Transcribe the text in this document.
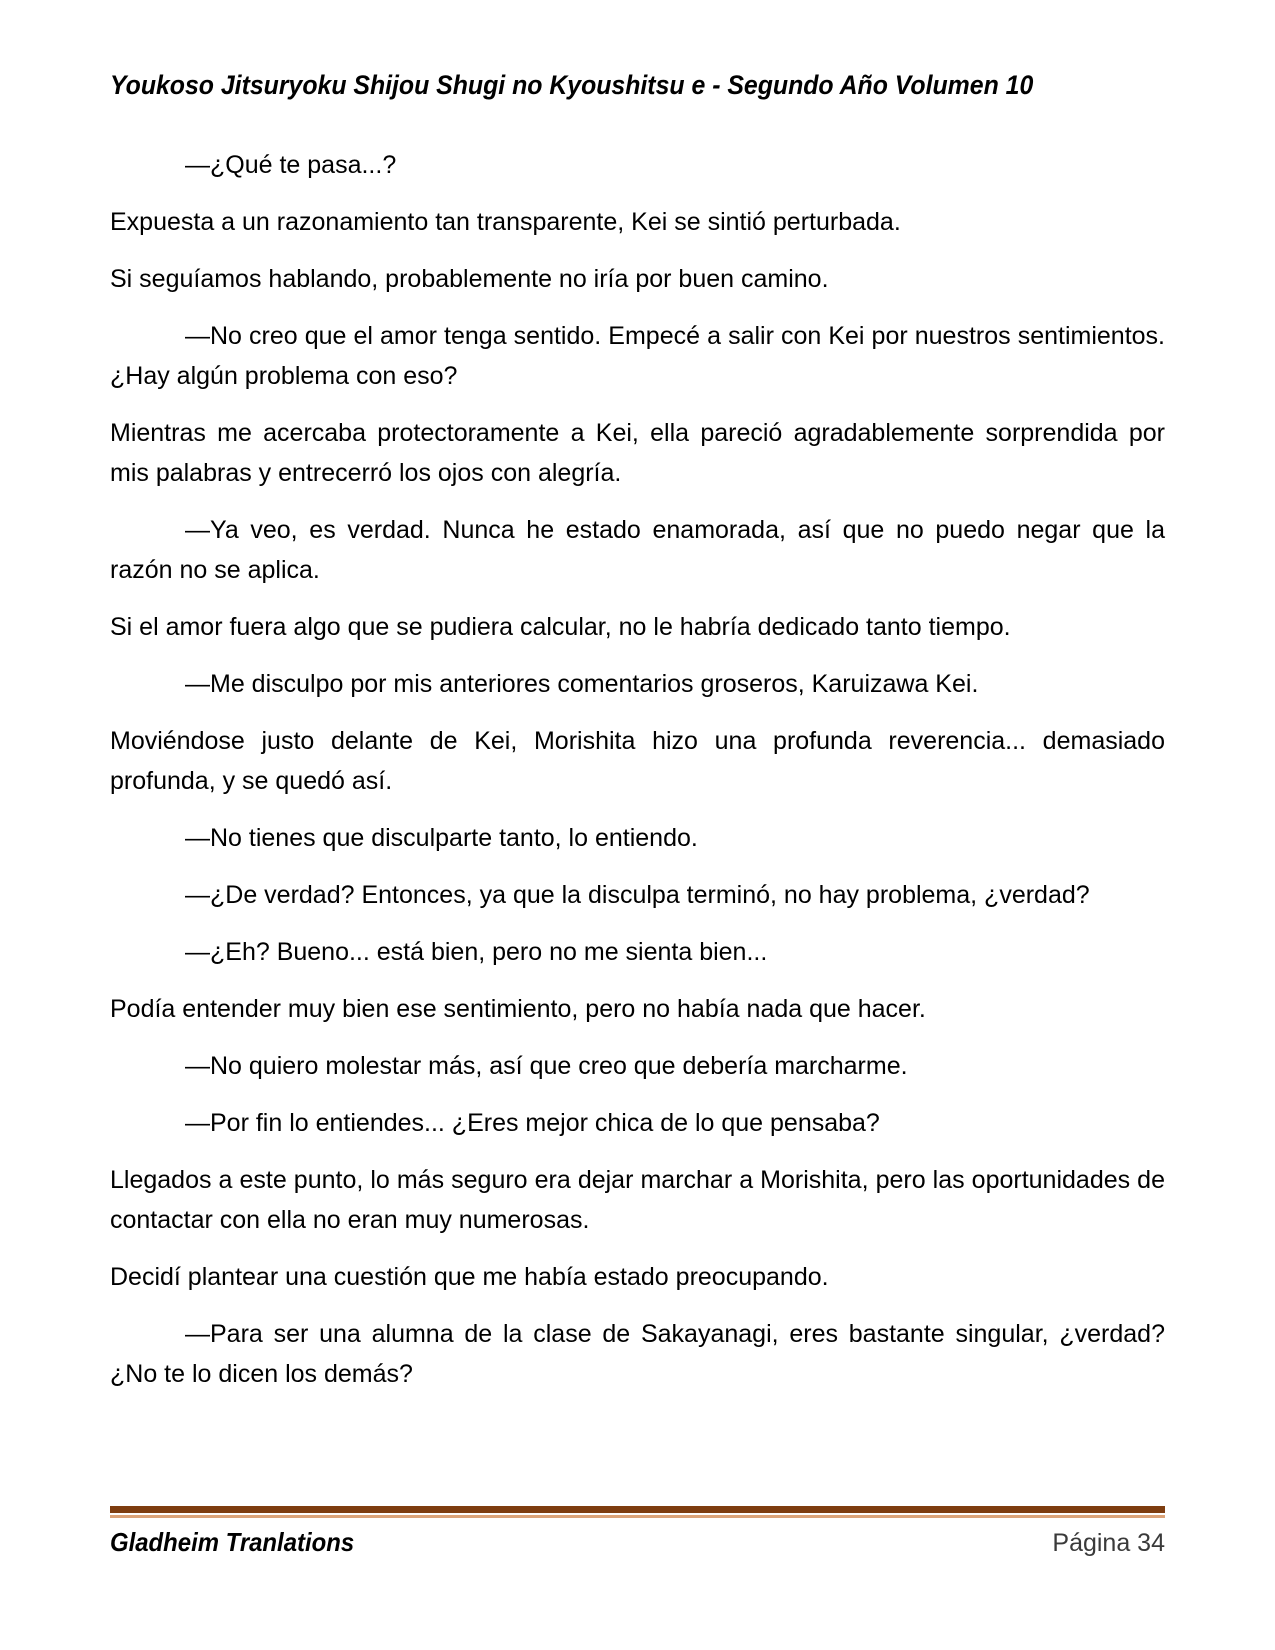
Youkoso Jitsuryoku Shijou Shugi no Kyoushitsu e - Segundo Año Volumen 10

—¿Qué te pasa...?

Expuesta a un razonamiento tan transparente, Kei se sintió perturbada.

Si seguíamos hablando, probablemente no iría por buen camino.

—No creo que el amor tenga sentido. Empecé a salir con Kei por nuestros sentimientos. ¿Hay algún problema con eso?

Mientras me acercaba protectoramente a Kei, ella pareció agradablemente sorprendida por mis palabras y entrecerró los ojos con alegría.

—Ya veo, es verdad. Nunca he estado enamorada, así que no puedo negar que la razón no se aplica.

Si el amor fuera algo que se pudiera calcular, no le habría dedicado tanto tiempo.

—Me disculpo por mis anteriores comentarios groseros, Karuizawa Kei.

Moviéndose justo delante de Kei, Morishita hizo una profunda reverencia... demasiado profunda, y se quedó así.

—No tienes que disculparte tanto, lo entiendo.

—¿De verdad? Entonces, ya que la disculpa terminó, no hay problema, ¿verdad?

—¿Eh? Bueno... está bien, pero no me sienta bien...

Podía entender muy bien ese sentimiento, pero no había nada que hacer.

—No quiero molestar más, así que creo que debería marcharme.

—Por fin lo entiendes... ¿Eres mejor chica de lo que pensaba?

Llegados a este punto, lo más seguro era dejar marchar a Morishita, pero las oportunidades de contactar con ella no eran muy numerosas.

Decidí plantear una cuestión que me había estado preocupando.

—Para ser una alumna de la clase de Sakayanagi, eres bastante singular, ¿verdad? ¿No te lo dicen los demás?

Gladheim Tranlations	Página 34
